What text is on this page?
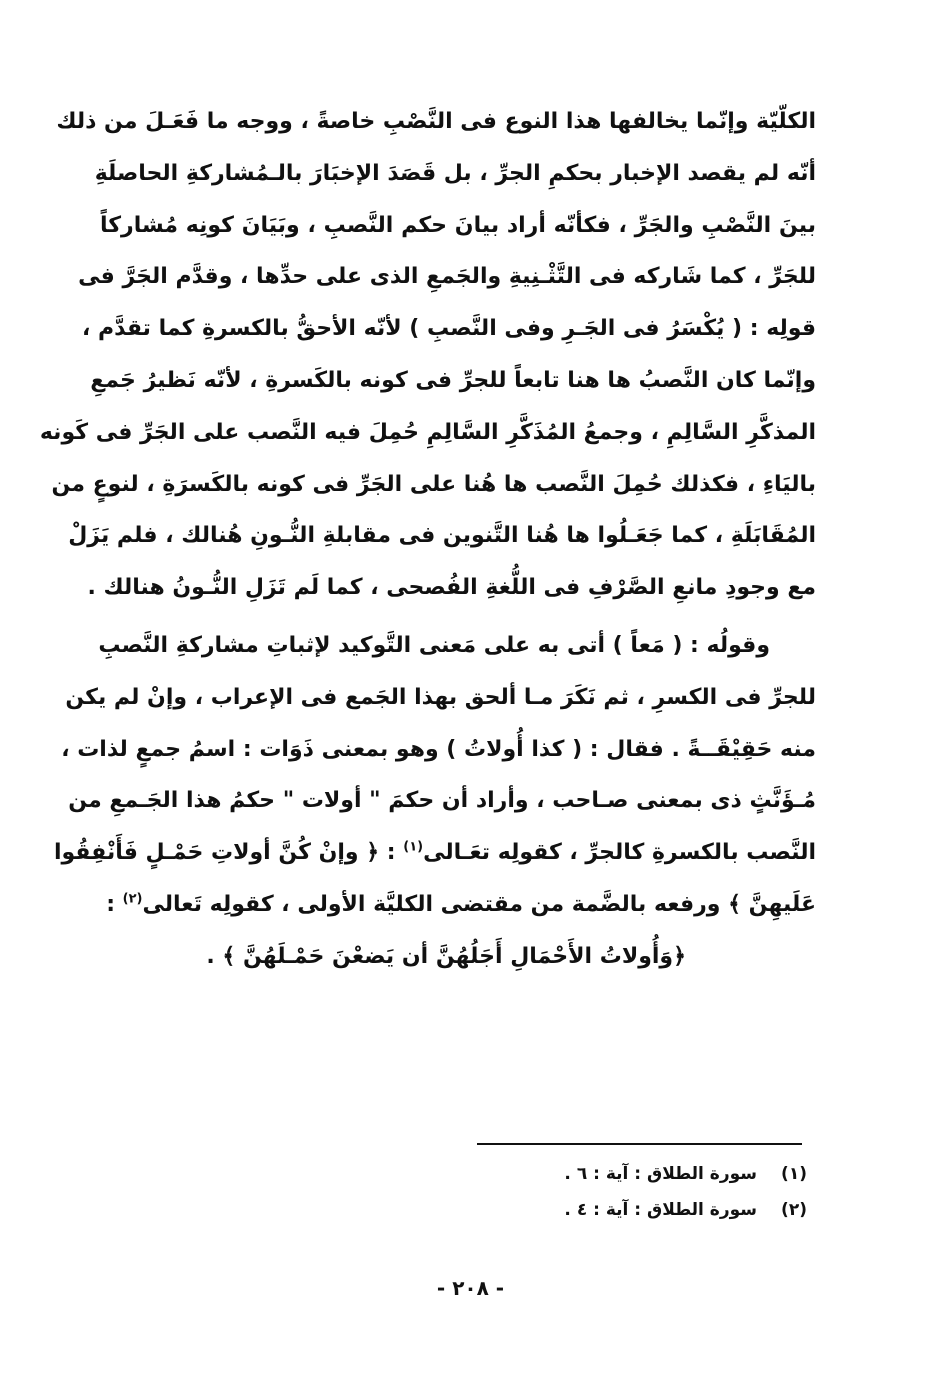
الكلّيّة وإنّما يخالفها هذا النوع فى النَّصْبِ خاصةً ، ووجه ما فَعَـلَ من ذلك
أنّه لم يقصد الإخبار بحكمِ الجرِّ ، بل قَصَدَ الإخبَارَ بالـمُشاركةِ الحاصلَةِ
بينَ النَّصْبِ والجَرِّ ، فكأنّه أراد بيانَ حكم النَّصبِ ، وبَيَانَ كونِه مُشاركاً
للجَرِّ ، كما شَاركه فى التَّثْـنِيةِ والجَمعِ الذى على حدِّها ، وقدَّم الجَرَّ فى
قولِه : ( يُكْسَرُ فى الجَـرِ وفى النَّصبِ ) لأنّه الأحقُّ بالكسرةِ كما تقدَّم ،
وإنّما كان النَّصبُ ها هنا تابعاً للجرِّ فى كونه بالكَسرةِ ، لأنّه نَظيرُ جَمعِ
المذكَّرِ السَّالِمِ ، وجمعُ المُذَكَّرِ السَّالِمِ حُمِلَ فيه النَّصب على الجَرِّ فى كَونه
باليَاءِ ، فكذلك حُمِلَ النَّصب ها هُنا على الجَرِّ فى كونه بالكَسرَةِ ، لنوعٍ من
المُقَابَلَةِ ، كما جَعَـلُوا ها هُنا التَّنوين فى مقابلةِ النُّـونِ هُنالك ، فلم يَزَلْ
مع وجودِ مانعِ الصَّرْفِ فى اللُّغةِ الفُصحى ، كما لَم تَزَلِ النُّـونُ هنالك .
وقولُه : ( مَعاً ) أتى به على مَعنى التَّوكيد لإثباتِ مشاركةِ النَّصبِ
للجرِّ فى الكسرِ ، ثم نَكَرَ مـا ألحق بهذا الجَمع فى الإعراب ، وإنْ لم يكن
منه حَقِيْقَــةً . فقال : ( كذا أُولاتُ ) وهو بمعنى ذَوَات : اسمُ جمعٍ لذات ،
مُـؤَنَّثٍ ذى بمعنى صـاحب ، وأراد أن حكمَ " أولات " حكمُ هذا الجَـمعِ من
النَّصب بالكسرةِ كالجرِّ ، كقولِه تعَـالى$^{(١)}$ : ﴿ وإنْ كُنَّ أولاتِ حَمْـلٍ فَأَنْفِقُوا
عَلَيهِنَّ ﴾ ورفعه بالضَّمة من مقتضى الكليَّة الأولى ، كقولِه تَعالى$^{(٢)}$ :
﴿وَأُولاتُ الأَحْمَالِ أَجَلُهُنَّ أن يَضعْنَ حَمْـلَهُنَّ ﴾ .
(١)
سورة الطلاق : آية : ٦ .
(٢)
سورة الطلاق : آية : ٤ .
- ٢٠٨ -
